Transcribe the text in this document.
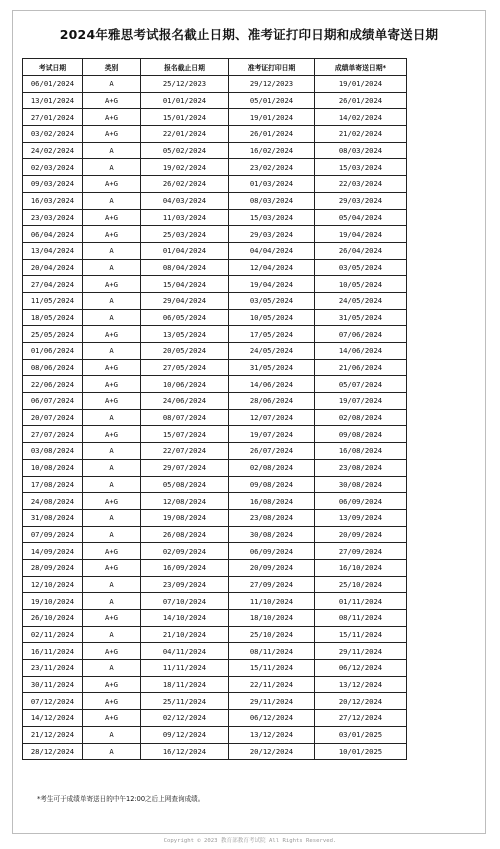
2024年雅思考试报名截止日期、准考证打印日期和成绩单寄送日期
考试日期	类别	报名截止日期	准考证打印日期	成绩单寄送日期*
06/01/2024	A	25/12/2023	29/12/2023	19/01/2024
13/01/2024	A+G	01/01/2024	05/01/2024	26/01/2024
27/01/2024	A+G	15/01/2024	19/01/2024	14/02/2024
03/02/2024	A+G	22/01/2024	26/01/2024	21/02/2024
24/02/2024	A	05/02/2024	16/02/2024	08/03/2024
02/03/2024	A	19/02/2024	23/02/2024	15/03/2024
09/03/2024	A+G	26/02/2024	01/03/2024	22/03/2024
16/03/2024	A	04/03/2024	08/03/2024	29/03/2024
23/03/2024	A+G	11/03/2024	15/03/2024	05/04/2024
06/04/2024	A+G	25/03/2024	29/03/2024	19/04/2024
13/04/2024	A	01/04/2024	04/04/2024	26/04/2024
20/04/2024	A	08/04/2024	12/04/2024	03/05/2024
27/04/2024	A+G	15/04/2024	19/04/2024	10/05/2024
11/05/2024	A	29/04/2024	03/05/2024	24/05/2024
18/05/2024	A	06/05/2024	10/05/2024	31/05/2024
25/05/2024	A+G	13/05/2024	17/05/2024	07/06/2024
01/06/2024	A	20/05/2024	24/05/2024	14/06/2024
08/06/2024	A+G	27/05/2024	31/05/2024	21/06/2024
22/06/2024	A+G	10/06/2024	14/06/2024	05/07/2024
06/07/2024	A+G	24/06/2024	28/06/2024	19/07/2024
20/07/2024	A	08/07/2024	12/07/2024	02/08/2024
27/07/2024	A+G	15/07/2024	19/07/2024	09/08/2024
03/08/2024	A	22/07/2024	26/07/2024	16/08/2024
10/08/2024	A	29/07/2024	02/08/2024	23/08/2024
17/08/2024	A	05/08/2024	09/08/2024	30/08/2024
24/08/2024	A+G	12/08/2024	16/08/2024	06/09/2024
31/08/2024	A	19/08/2024	23/08/2024	13/09/2024
07/09/2024	A	26/08/2024	30/08/2024	20/09/2024
14/09/2024	A+G	02/09/2024	06/09/2024	27/09/2024
28/09/2024	A+G	16/09/2024	20/09/2024	16/10/2024
12/10/2024	A	23/09/2024	27/09/2024	25/10/2024
19/10/2024	A	07/10/2024	11/10/2024	01/11/2024
26/10/2024	A+G	14/10/2024	18/10/2024	08/11/2024
02/11/2024	A	21/10/2024	25/10/2024	15/11/2024
16/11/2024	A+G	04/11/2024	08/11/2024	29/11/2024
23/11/2024	A	11/11/2024	15/11/2024	06/12/2024
30/11/2024	A+G	18/11/2024	22/11/2024	13/12/2024
07/12/2024	A+G	25/11/2024	29/11/2024	20/12/2024
14/12/2024	A+G	02/12/2024	06/12/2024	27/12/2024
21/12/2024	A	09/12/2024	13/12/2024	03/01/2025
28/12/2024	A	16/12/2024	20/12/2024	10/01/2025
*考生可于成绩单寄送日的中午12:00之后上网查询成绩。
Copyright © 2023 教育部教育考试院 All Rights Reserved.
